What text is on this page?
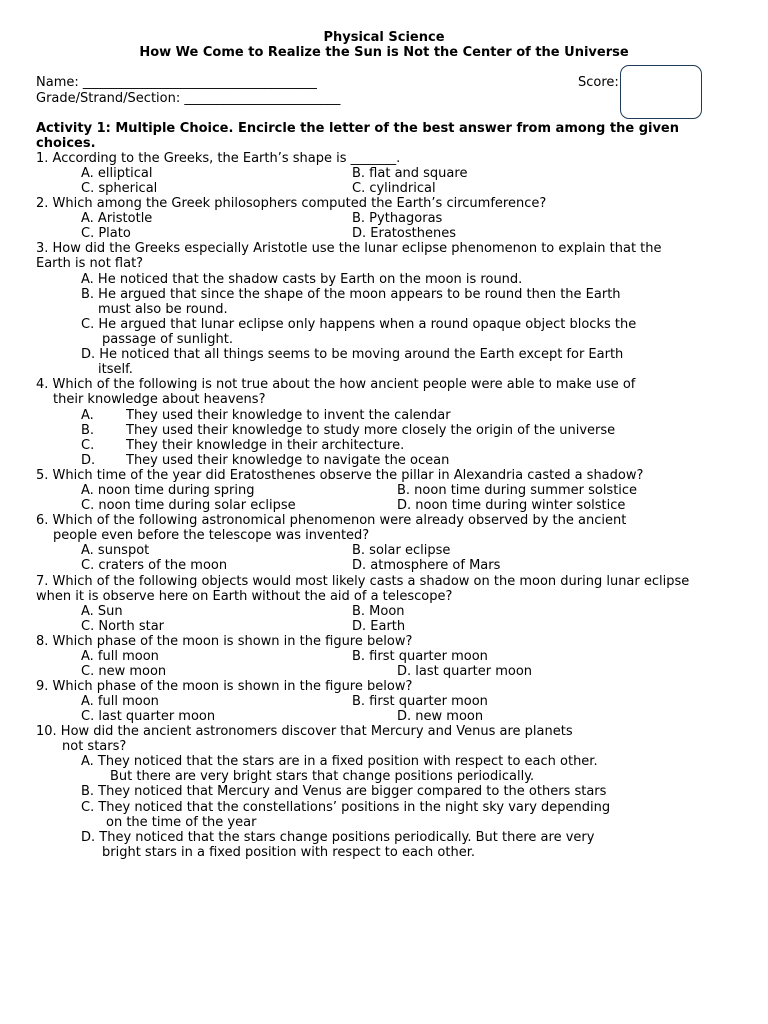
Physical Science
How We Come to Realize the Sun is Not the Center of the Universe
Name: ____________________________________	Score:
Grade/Strand/Section: ________________________
Activity 1: Multiple Choice. Encircle the letter of the best answer from among the given
choices.
1. According to the Greeks, the Earth’s shape is _______.
A. elliptical	B. flat and square
C. spherical	C. cylindrical
2. Which among the Greek philosophers computed the Earth’s circumference?
A. Aristotle	B. Pythagoras
C. Plato	D. Eratosthenes
3. How did the Greeks especially Aristotle use the lunar eclipse phenomenon to explain that the
Earth is not flat?
A. He noticed that the shadow casts by Earth on the moon is round.
B. He argued that since the shape of the moon appears to be round then the Earth
must also be round.
C. He argued that lunar eclipse only happens when a round opaque object blocks the
passage of sunlight.
D. He noticed that all things seems to be moving around the Earth except for Earth
itself.
4. Which of the following is not true about the how ancient people were able to make use of
their knowledge about heavens?
A. They used their knowledge to invent the calendar
B. They used their knowledge to study more closely the origin of the universe
C. They their knowledge in their architecture.
D. They used their knowledge to navigate the ocean
5. Which time of the year did Eratosthenes observe the pillar in Alexandria casted a shadow?
A. noon time during spring	B. noon time during summer solstice
C. noon time during solar eclipse	D. noon time during winter solstice
6. Which of the following astronomical phenomenon were already observed by the ancient
people even before the telescope was invented?
A. sunspot	B. solar eclipse
C. craters of the moon	D. atmosphere of Mars
7. Which of the following objects would most likely casts a shadow on the moon during lunar eclipse
when it is observe here on Earth without the aid of a telescope?
A. Sun	B. Moon
C. North star	D. Earth
8. Which phase of the moon is shown in the figure below?
A. full moon	B. first quarter moon
C. new moon	D. last quarter moon
9. Which phase of the moon is shown in the figure below?
A. full moon	B. first quarter moon
C. last quarter moon	D. new moon
10. How did the ancient astronomers discover that Mercury and Venus are planets
not stars?
A. They noticed that the stars are in a fixed position with respect to each other.
But there are very bright stars that change positions periodically.
B. They noticed that Mercury and Venus are bigger compared to the others stars
C. They noticed that the constellations’ positions in the night sky vary depending
on the time of the year
D. They noticed that the stars change positions periodically. But there are very
bright stars in a fixed position with respect to each other.
